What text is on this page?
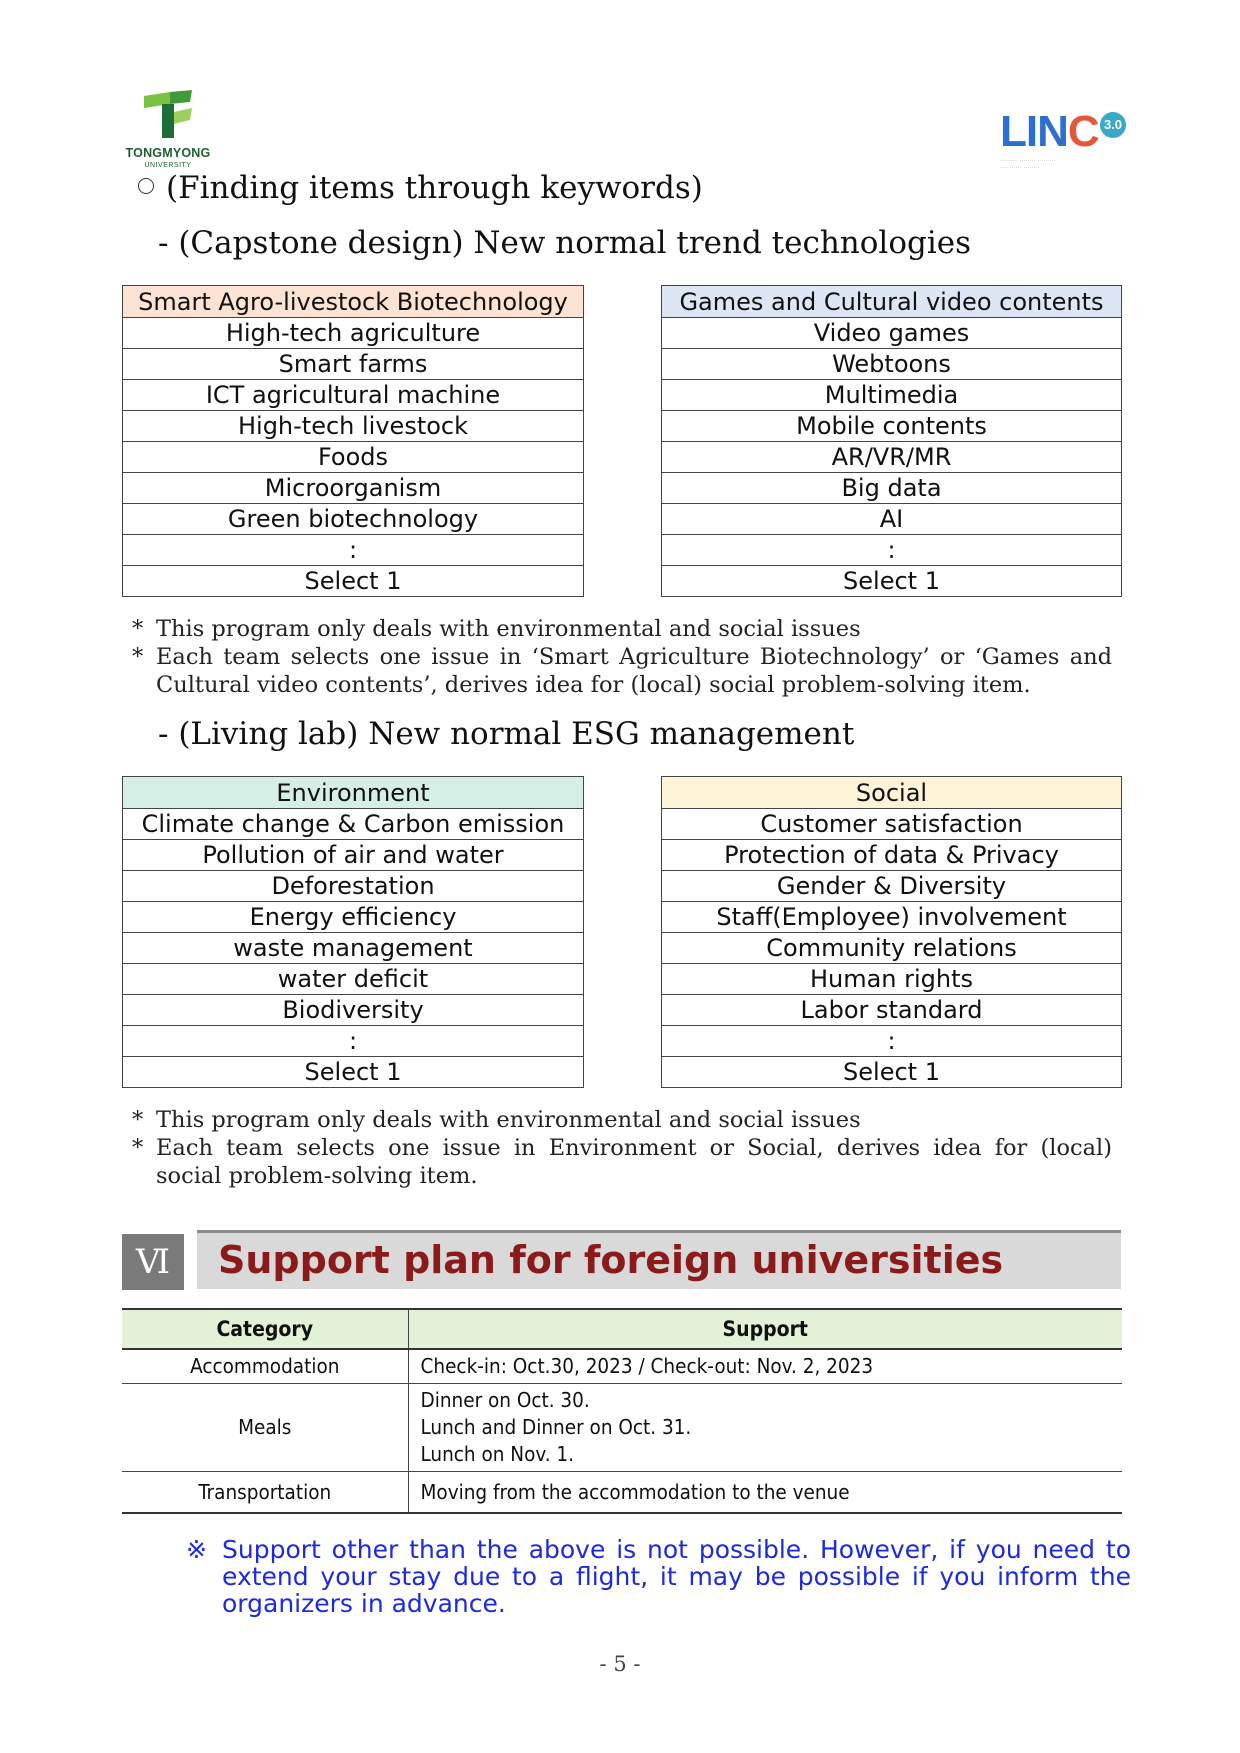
TONGMYONG
UNIVERSITY
LINC 3.0
········· ········ ·········
···· ······ ········
(Finding items through keywords)
- (Capstone design) New normal trend technologies
Smart Agro-livestock Biotechnology
High-tech agriculture
Smart farms
ICT agricultural machine
High-tech livestock
Foods
Microorganism
Green biotechnology
:
Select 1
Games and Cultural video contents
Video games
Webtoons
Multimedia
Mobile contents
AR/VR/MR
Big data
AI
:
Select 1
* This program only deals with environmental and social issues
* Each team selects one issue in ‘Smart Agriculture Biotechnology’ or ‘Games and Cultural video contents’, derives idea for (local) social problem-solving item.
- (Living lab) New normal ESG management
Environment
Climate change & Carbon emission
Pollution of air and water
Deforestation
Energy efficiency
waste management
water deficit
Biodiversity
:
Select 1
Social
Customer satisfaction
Protection of data & Privacy
Gender & Diversity
Staff(Employee) involvement
Community relations
Human rights
Labor standard
:
Select 1
* This program only deals with environmental and social issues
* Each team selects one issue in Environment or Social, derives idea for (local) social problem-solving item.
Ⅵ	Support plan for foreign universities
Category	Support
Accommodation	Check-in: Oct.30, 2023 / Check-out: Nov. 2, 2023

Meals	Dinner on Oct. 30.
Lunch and Dinner on Oct. 31.
Lunch on Nov. 1.

Transportation	Moving from the accommodation to the venue
※ Support other than the above is not possible. However, if you need to extend your stay due to a flight, it may be possible if you inform the organizers in advance.
- 5 -
